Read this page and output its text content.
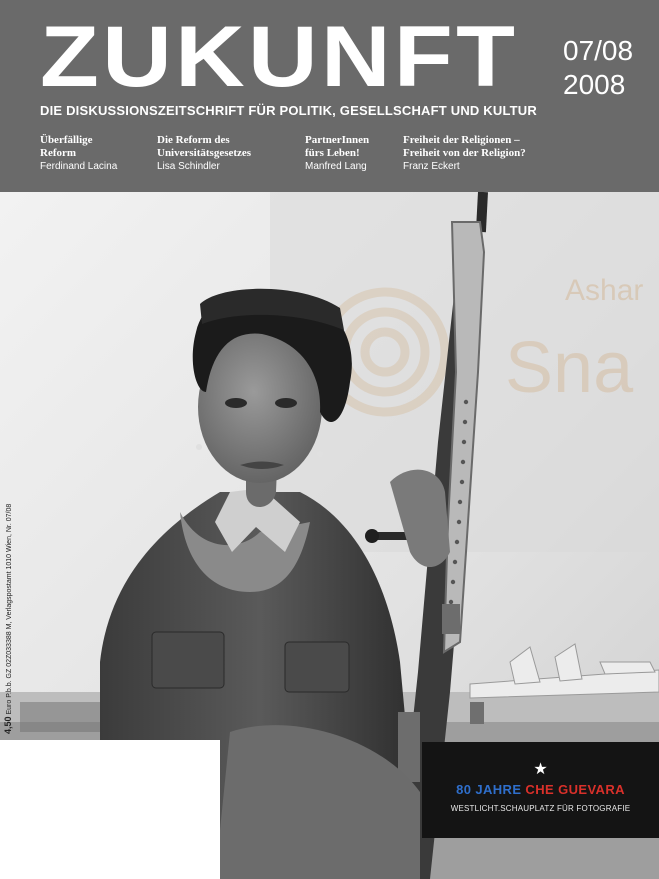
ZUKUNFT 07/08
2008
DIE DISKUSSIONSZEITSCHRIFT FÜR POLITIK, GESELLSCHAFT UND KULTUR
Überfällige
Reform
Ferdinand Lacina
Die Reform des
Universitätsgesetzes
Lisa Schindler
PartnerInnen
fürs Leben!
Manfred Lang
Freiheit der Religionen –
Freiheit von der Religion?
Franz Eckert
Ashar
Sna
4,50 Euro P.b.b. GZ 02Z033388 M, Verlagspostamt 1010 Wien, Nr. 07/08
★
80 JAHRE CHE GUEVARA
WESTLICHT.SCHAUPLATZ FÜR FOTOGRAFIE
